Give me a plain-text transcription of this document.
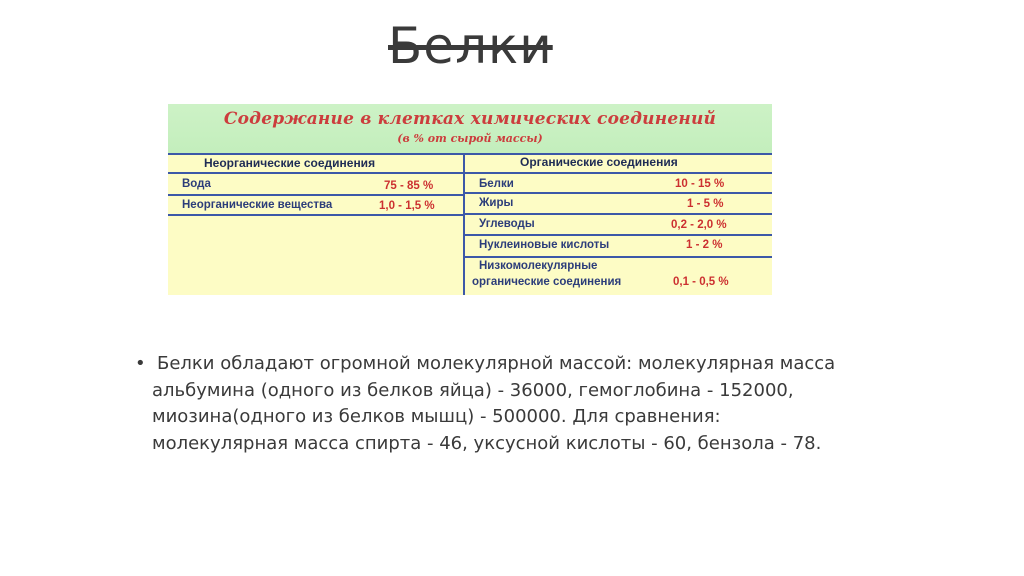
Белки
Содержание в клетках химических соединений
(в % от сырой массы)
Неорганические соединения	Органические соединения
Вода	75 - 85 %
Неорганические вещества	1,0 - 1,5 %
Белки	10 - 15 %
Жиры	1 - 5 %
Углеводы	0,2 - 2,0 %
Нуклеиновые кислоты	1 - 2 %
Низкомолекулярные
органические соединения	0,1 - 0,5 %
• Белки обладают огромной молекулярной массой: молекулярная масса альбумина (одного из белков яйца) - 36000, гемоглобина - 152000, миозина(одного из белков мышц) - 500000. Для сравнения: молекулярная масса спирта - 46, уксусной кислоты - 60, бензола - 78.
